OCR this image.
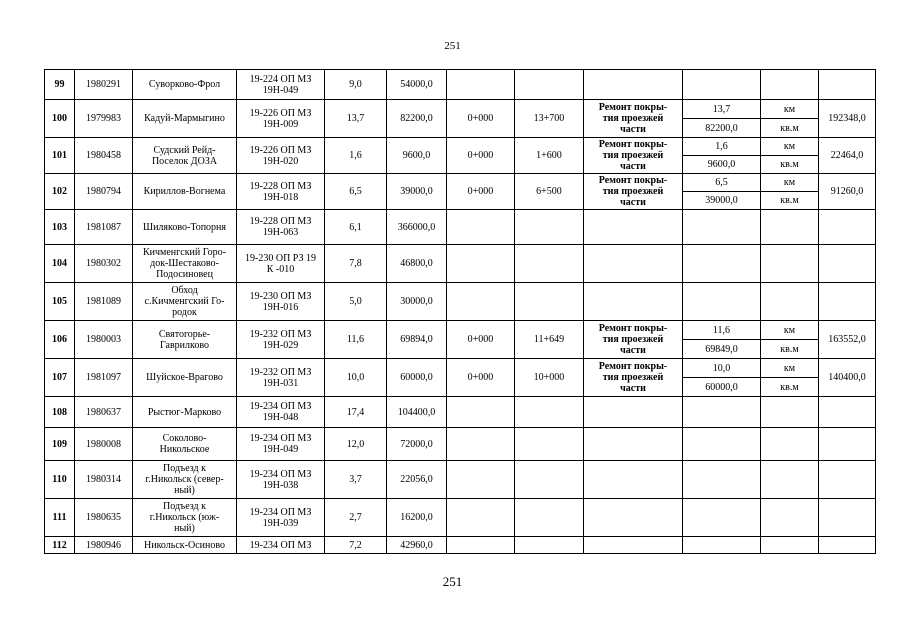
251
99	1980291	Суворково-Фрол	19-224 ОП МЗ
19Н-049	9,0	54000,0						
100	1979983	Кадуй-Мармыгино	19-226 ОП МЗ
19Н-009	13,7	82200,0	0+000	13+700	Ремонт покры-
тия проезжей
части	13,7	км	192348,0
									82200,0	кв.м	
101	1980458	Судский Рейд-
Поселок ДОЗА	19-226 ОП МЗ
19Н-020	1,6	9600,0	0+000	1+600	Ремонт покры-
тия проезжей
части	1,6	км	22464,0
									9600,0	кв.м	
102	1980794	Кириллов-Вогнема	19-228 ОП МЗ
19Н-018	6,5	39000,0	0+000	6+500	Ремонт покры-
тия проезжей
части	6,5	км	91260,0
									39000,0	кв.м	
103	1981087	Шиляково-Топорня	19-228 ОП МЗ
19Н-063	6,1	366000,0						
104	1980302	Кичменгский Горо-
док-Шестаково-
Подосиновец	19-230 ОП РЗ 19
К -010	7,8	46800,0						
105	1981089	Обход
с.Кичменгский Го-
родок	19-230 ОП МЗ
19Н-016	5,0	30000,0						
106	1980003	Святогорье-
Гаврилково	19-232 ОП МЗ
19Н-029	11,6	69894,0	0+000	11+649	Ремонт покры-
тия проезжей
части	11,6	км	163552,0
									69849,0	кв.м	
107	1981097	Шуйское-Врагово	19-232 ОП МЗ
19Н-031	10,0	60000,0	0+000	10+000	Ремонт покры-
тия проезжей
части	10,0	км	140400,0
									60000,0	кв.м	
108	1980637	Рыстюг-Марково	19-234 ОП МЗ
19Н-048	17,4	104400,0						
109	1980008	Соколово-
Никольское	19-234 ОП МЗ
19Н-049	12,0	72000,0						
110	1980314	Подъезд к
г.Никольск (север-
ный)	19-234 ОП МЗ
19Н-038	3,7	22056,0						
111	1980635	Подъезд к
г.Никольск (юж-
ный)	19-234 ОП МЗ
19Н-039	2,7	16200,0						
112	1980946	Никольск-Осиново	19-234 ОП МЗ	7,2	42960,0						
251
